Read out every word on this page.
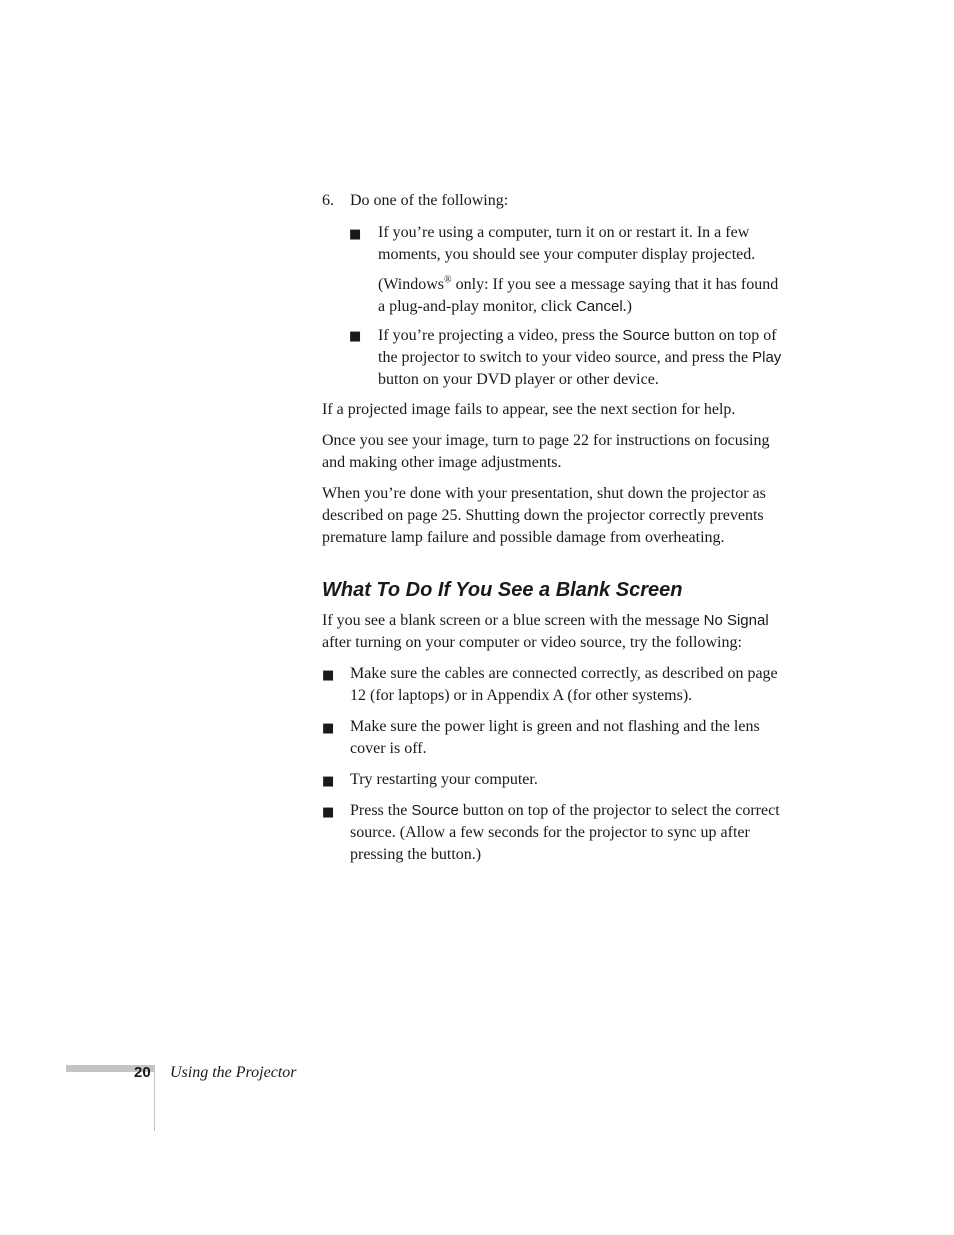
6. Do one of the following:
■	If you’re using a computer, turn it on or restart it. In a few moments, you should see your computer display projected.

(Windows® only: If you see a message saying that it has found a plug-and-play monitor, click Cancel.)

■	If you’re projecting a video, press the Source button on top of the projector to switch to your video source, and press the Play button on your DVD player or other device.

If a projected image fails to appear, see the next section for help.

Once you see your image, turn to page 22 for instructions on focusing and making other image adjustments.

When you’re done with your presentation, shut down the projector as described on page 25. Shutting down the projector correctly prevents premature lamp failure and possible damage from overheating.

What To Do If You See a Blank Screen

If you see a blank screen or a blue screen with the message No Signal after turning on your computer or video source, try the following:

■ Make sure the cables are connected correctly, as described on page 12 (for laptops) or in Appendix A (for other systems).

■ Make sure the power light is green and not flashing and the lens cover is off.

■ Try restarting your computer.

■ Press the Source button on top of the projector to select the correct source. (Allow a few seconds for the projector to sync up after pressing the button.)

20 Using the Projector
